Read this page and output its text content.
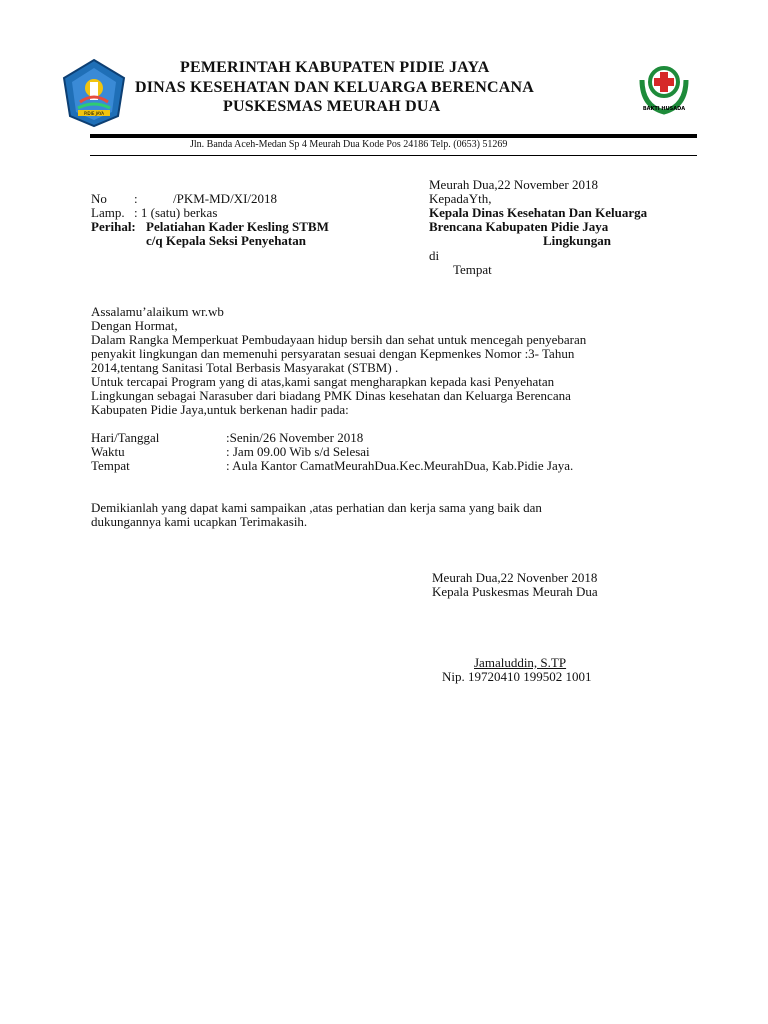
PIDIE JAYA
BAKTI HUSADA
PEMERINTAH KABUPATEN PIDIE JAYA
DINAS KESEHATAN DAN KELUARGA BERENCANA
PUSKESMAS MEURAH DUA
Jln. Banda Aceh-Medan Sp 4 Meurah Dua Kode Pos 24186 Telp. (0653) 51269
No :	/PKM-MD/XI/2018
Lamp. : 1 (satu) berkas
Perihal: Pelatiahan Kader Kesling STBM
c/q Kepala Seksi Penyehatan
Meurah Dua,22 November 2018
KepadaYth,
Kepala Dinas Kesehatan Dan Keluarga
Brencana Kabupaten Pidie Jaya
Lingkungan
di
Tempat
Assalamu’alaikum wr.wb
Dengan Hormat,
Dalam Rangka Memperkuat Pembudayaan hidup bersih dan sehat untuk mencegah penyebaran
penyakit lingkungan dan memenuhi persyaratan sesuai dengan Kepmenkes Nomor :3- Tahun
2014,tentang Sanitasi Total Berbasis Masyarakat (STBM) .
Untuk tercapai Program yang di atas,kami sangat mengharapkan kepada kasi Penyehatan
Lingkungan sebagai Narasuber dari biadang PMK Dinas kesehatan dan Keluarga Berencana
Kabupaten Pidie Jaya,untuk berkenan hadir pada:
Hari/Tanggal	:Senin/26 November 2018
Waktu	: Jam 09.00 Wib s/d Selesai
Tempat	: Aula Kantor CamatMeurahDua.Kec.MeurahDua, Kab.Pidie Jaya.
Demikianlah yang dapat kami sampaikan ,atas perhatian dan kerja sama yang baik dan
dukungannya kami ucapkan Terimakasih.
Meurah Dua,22 Novenber 2018
Kepala Puskesmas Meurah Dua
Jamaluddin, S.TP
Nip. 19720410 199502 1001
